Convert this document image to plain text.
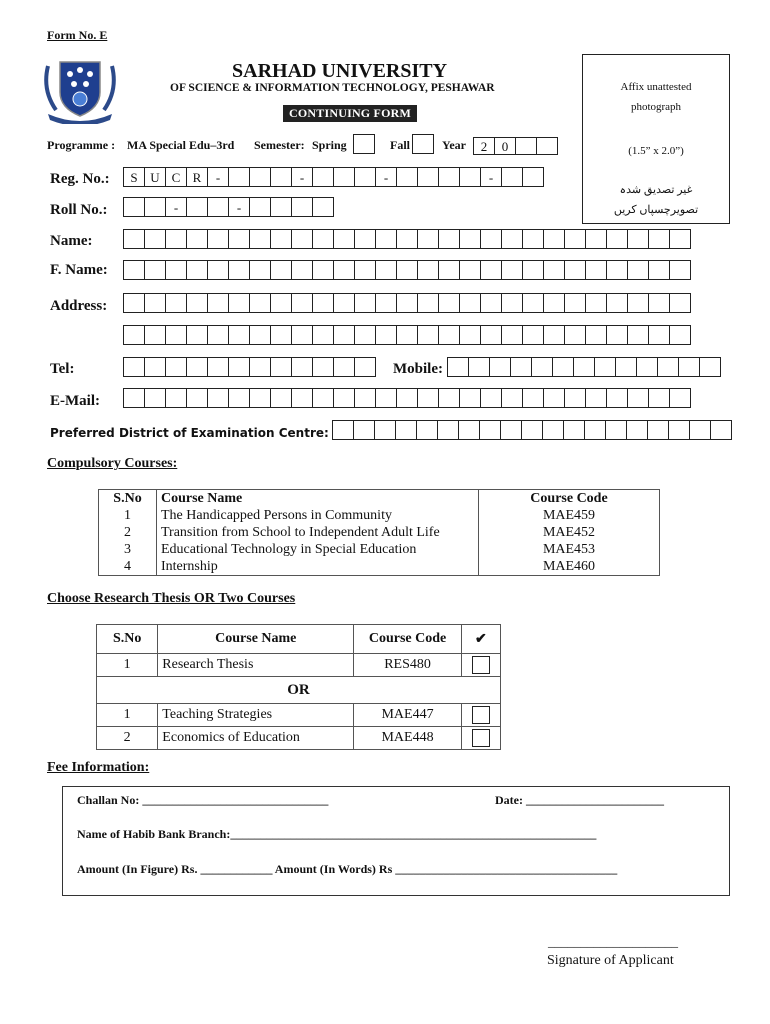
Form No. E
SARHAD UNIVERSITY
OF SCIENCE & INFORMATION TECHNOLOGY, PESHAWAR
CONTINUING FORM
Affix unattested
photograph
(1.5” x 2.0”)
غیر تصدیق شدہ
تصویرچسپاں کریں
Programme : MA Special Edu–3rd Semester: Spring	Fall	Year	2	0
Reg. No.:	S U C R	-	-	-	-
Roll No.:	-	-
Name:
F. Name:
Address:
Tel:	Mobile:
E-Mail:
Preferred District of Examination Centre:
Compulsory Courses:
S.No	Course Name	Course Code
1	The Handicapped Persons in Community	MAE459
2	Transition from School to Independent Adult Life	MAE452
3	Educational Technology in Special Education	MAE453
4	Internship	MAE460
Choose Research Thesis OR Two Courses
S.No	Course Name	Course Code	✔
1	Research Thesis	RES480	
OR			
1	Teaching Strategies	MAE447	
2	Economics of Education	MAE448	
Fee Information:
Challan No: _______________________________	Date: _______________________
Name of Habib Bank Branch:_____________________________________________________________
Amount (In Figure) Rs. ____________ Amount (In Words) Rs _____________________________________
____________________
Signature of Applicant
